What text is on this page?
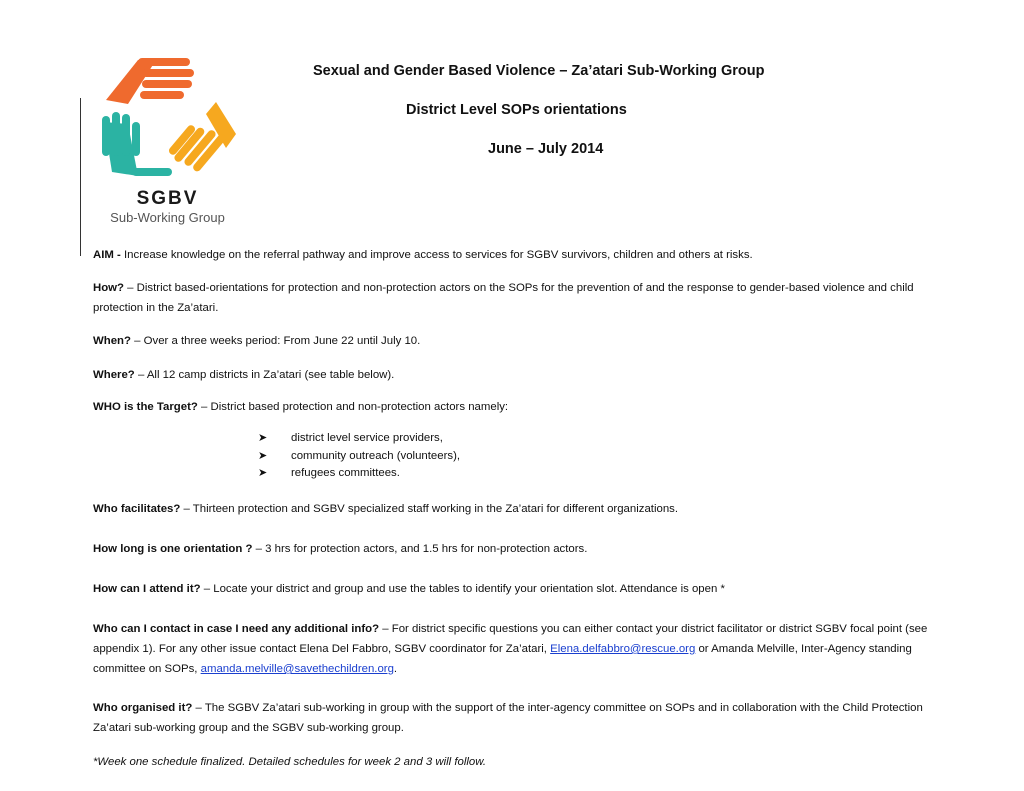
SGBV
Sub-Working Group
Sexual and Gender Based Violence – Za’atari Sub-Working Group
District Level SOPs orientations
June – July 2014
AIM - Increase knowledge on the referral pathway and improve access to services for SGBV survivors, children and others at risks.
How? – District based-orientations for protection and non-protection actors on the SOPs for the prevention of and the response to gender-based violence and child protection in the Za’atari.
When? – Over a three weeks period: From June 22 until July 10.
Where? – All 12 camp districts in Za’atari (see table below).
WHO is the Target? – District based protection and non-protection actors namely:
➤	district level service providers,
➤	community outreach (volunteers),
➤	refugees committees.
Who facilitates? – Thirteen protection and SGBV specialized staff working in the Za’atari for different organizations.
How long is one orientation ? – 3 hrs for protection actors, and 1.5 hrs for non-protection actors.
How can I attend it? – Locate your district and group and use the tables to identify your orientation slot. Attendance is open *
Who can I contact in case I need any additional info? – For district specific questions you can either contact your district facilitator or district SGBV focal point (see appendix 1). For any other issue contact Elena Del Fabbro, SGBV coordinator for Za’atari, Elena.delfabbro@rescue.org or Amanda Melville, Inter-Agency standing committee on SOPs, amanda.melville@savethechildren.org.
Who organised it? – The SGBV Za’atari sub-working in group with the support of the inter-agency committee on SOPs and in collaboration with the Child Protection Za’atari sub-working group and the SGBV sub-working group.
*Week one schedule finalized. Detailed schedules for week 2 and 3 will follow.
